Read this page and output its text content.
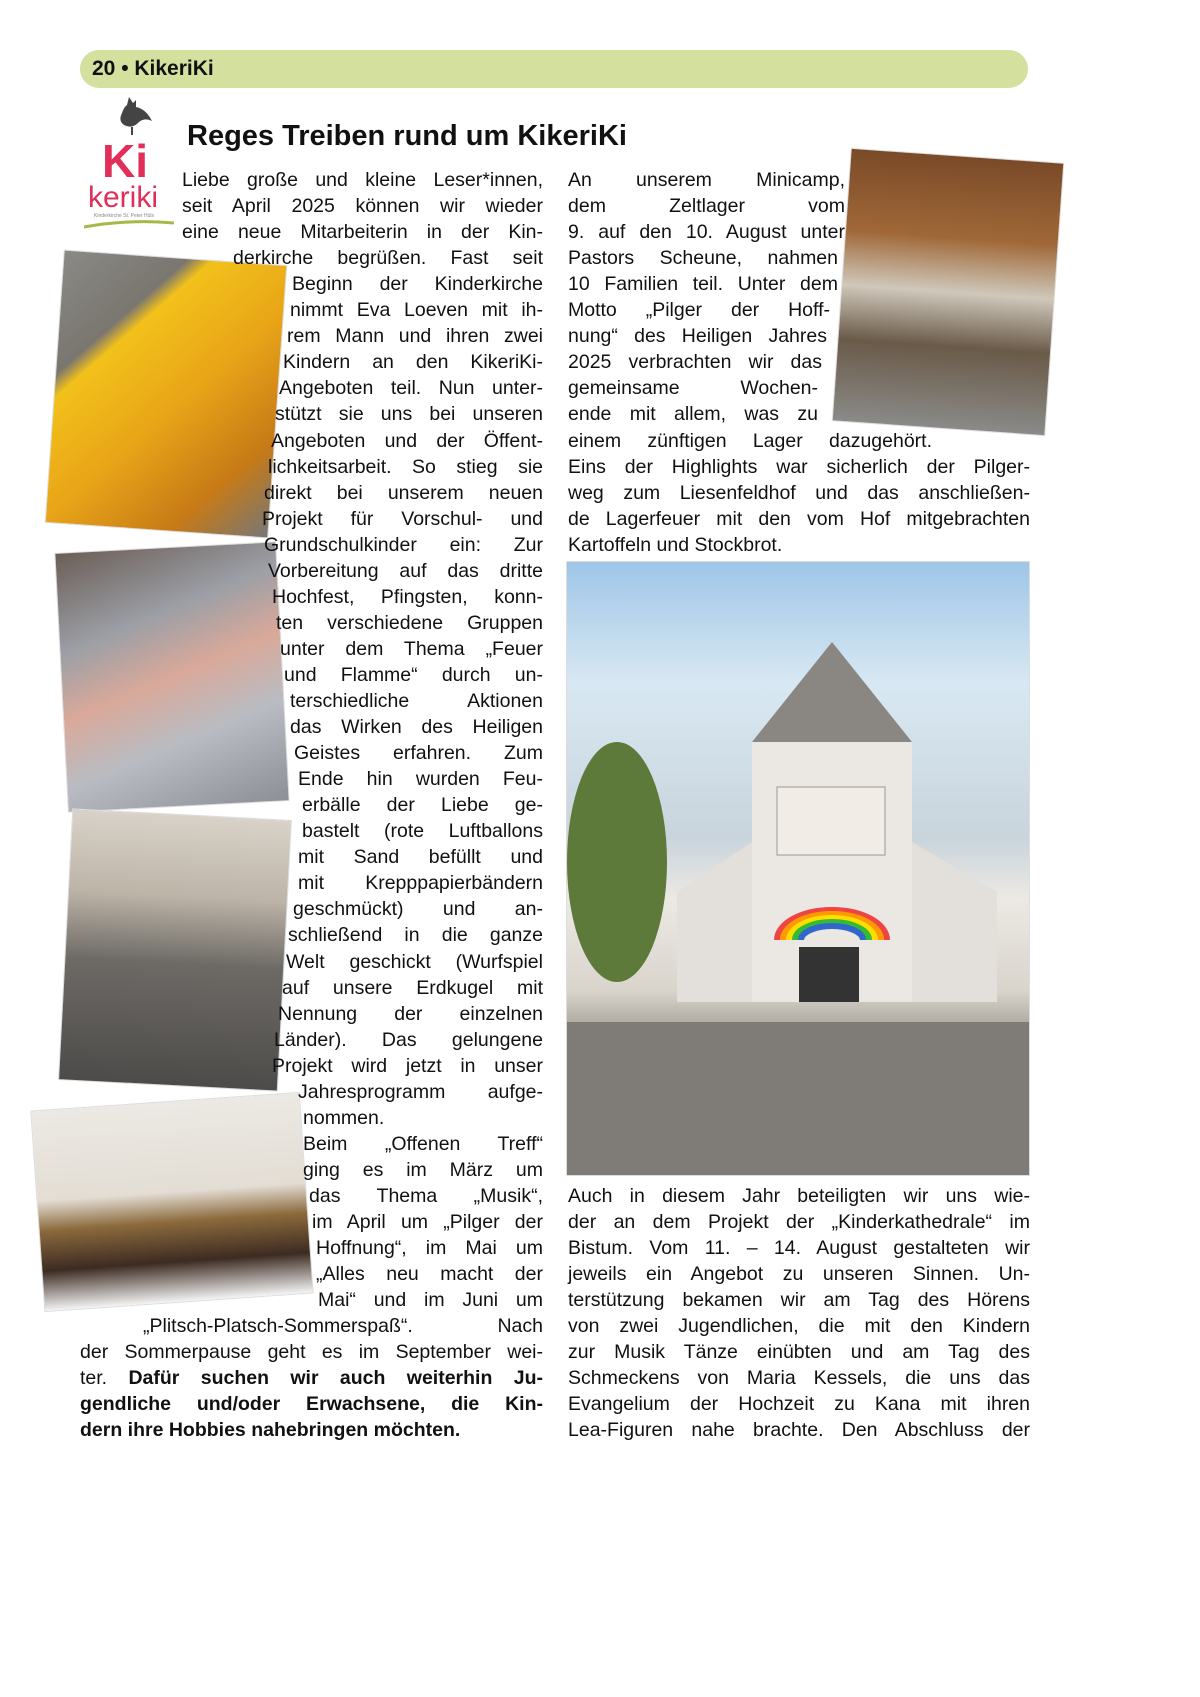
20 • KikeriKi
Ki
keriki
Kinderkirche St. Peter Hüls
Reges Treiben rund um KikeriKi
Liebe große und kleine Leser*innen,
seit April 2025 können wir wieder
eine neue Mitarbeiterin in der Kin-
derkirche begrüßen. Fast seit
Beginn der Kinderkirche
nimmt Eva Loeven mit ih-
rem Mann und ihren zwei
Kindern an den KikeriKi-
Angeboten teil. Nun unter-
stützt sie uns bei unseren
Angeboten und der Öffent-
lichkeitsarbeit. So stieg sie
direkt bei unserem neuen
Projekt für Vorschul- und
Grundschulkinder ein: Zur
Vorbereitung auf das dritte
Hochfest, Pfingsten, konn-
ten verschiedene Gruppen
unter dem Thema „Feuer
und Flamme“ durch un-
terschiedliche Aktionen
das Wirken des Heiligen
Geistes erfahren. Zum
Ende hin wurden Feu-
erbälle der Liebe ge-
bastelt (rote Luftballons
mit Sand befüllt und
mit Krepppapierbändern
geschmückt) und an-
schließend in die ganze
Welt geschickt (Wurfspiel
auf unsere Erdkugel mit
Nennung der einzelnen
Länder). Das gelungene
Projekt wird jetzt in unser
Jahresprogramm aufge-
nommen.
Beim „Offenen Treff“
ging es im März um
das Thema „Musik“,
im April um „Pilger der
Hoffnung“, im Mai um
„Alles neu macht der
Mai“ und im Juni um
„Plitsch-Platsch-Sommerspaß“. Nach
der Sommerpause geht es im September wei-
ter. Dafür suchen wir auch weiterhin Ju-
gendliche und/oder Erwachsene, die Kin-
dern ihre Hobbies nahebringen möchten.
An unserem Minicamp,
dem Zeltlager vom
9. auf den 10. August unter
Pastors Scheune, nahmen
10 Familien teil. Unter dem
Motto „Pilger der Hoff-
nung“ des Heiligen Jahres
2025 verbrachten wir das
gemeinsame Wochen-
ende mit allem, was zu
einem zünftigen Lager dazugehört.
Eins der Highlights war sicherlich der Pilger-
weg zum Liesenfeldhof und das anschließen-
de Lagerfeuer mit den vom Hof mitgebrachten
Kartoffeln und Stockbrot.
Auch in diesem Jahr beteiligten wir uns wie-
der an dem Projekt der „Kinderkathedrale“ im
Bistum. Vom 11. – 14. August gestalteten wir
jeweils ein Angebot zu unseren Sinnen. Un-
terstützung bekamen wir am Tag des Hörens
von zwei Jugendlichen, die mit den Kindern
zur Musik Tänze einübten und am Tag des
Schmeckens von Maria Kessels, die uns das
Evangelium der Hochzeit zu Kana mit ihren
Lea-Figuren nahe brachte. Den Abschluss der
